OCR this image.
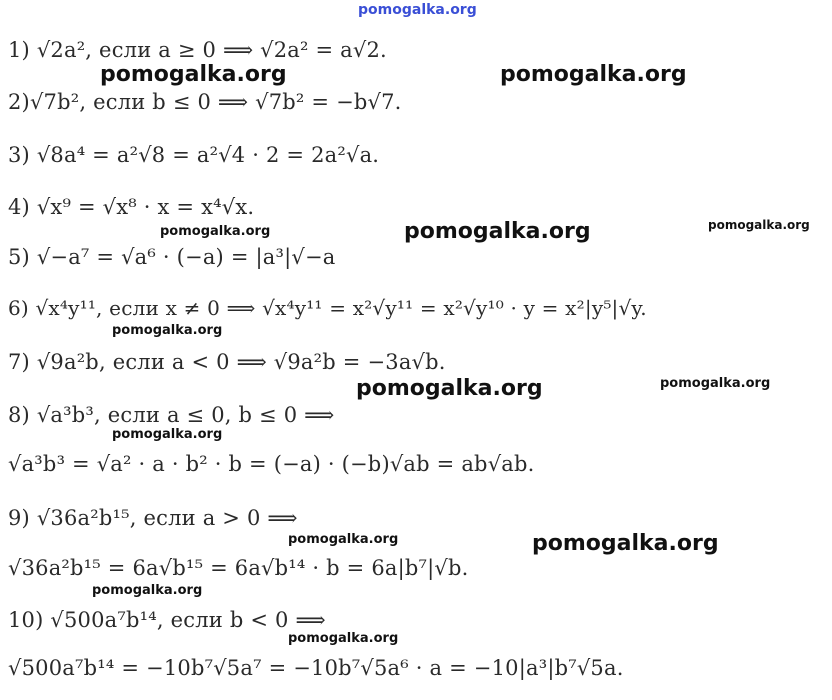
pomogalka.org
1) √2a², если a ≥ 0 ⟹ √2a² = a√2.
2)√7b², если b ≤ 0 ⟹ √7b² = −b√7.
3) √8a⁴ = a²√8 = a²√4 · 2 = 2a²√a.
4) √x⁹ = √x⁸ · x = x⁴√x.
5) √−a⁷ = √a⁶ · (−a) = |a³|√−a
6) √x⁴y¹¹, если x ≠ 0 ⟹ √x⁴y¹¹ = x²√y¹¹ = x²√y¹⁰ · y = x²|y⁵|√y.
7) √9a²b, если a < 0 ⟹ √9a²b = −3a√b.
8) √a³b³, если a ≤ 0, b ≤ 0 ⟹
√a³b³ = √a² · a · b² · b = (−a) · (−b)√ab = ab√ab.
9) √36a²b¹⁵, если a > 0 ⟹
√36a²b¹⁵ = 6a√b¹⁵ = 6a√b¹⁴ · b = 6a|b⁷|√b.
10) √500a⁷b¹⁴, если b < 0 ⟹
√500a⁷b¹⁴ = −10b⁷√5a⁷ = −10b⁷√5a⁶ · a = −10|a³|b⁷√5a.
pomogalka.org	pomogalka.org
pomogalka.org	pomogalka.org	pomogalka.org
pomogalka.org
pomogalka.org	pomogalka.org
pomogalka.org
pomogalka.org	pomogalka.org
pomogalka.org
pomogalka.org
